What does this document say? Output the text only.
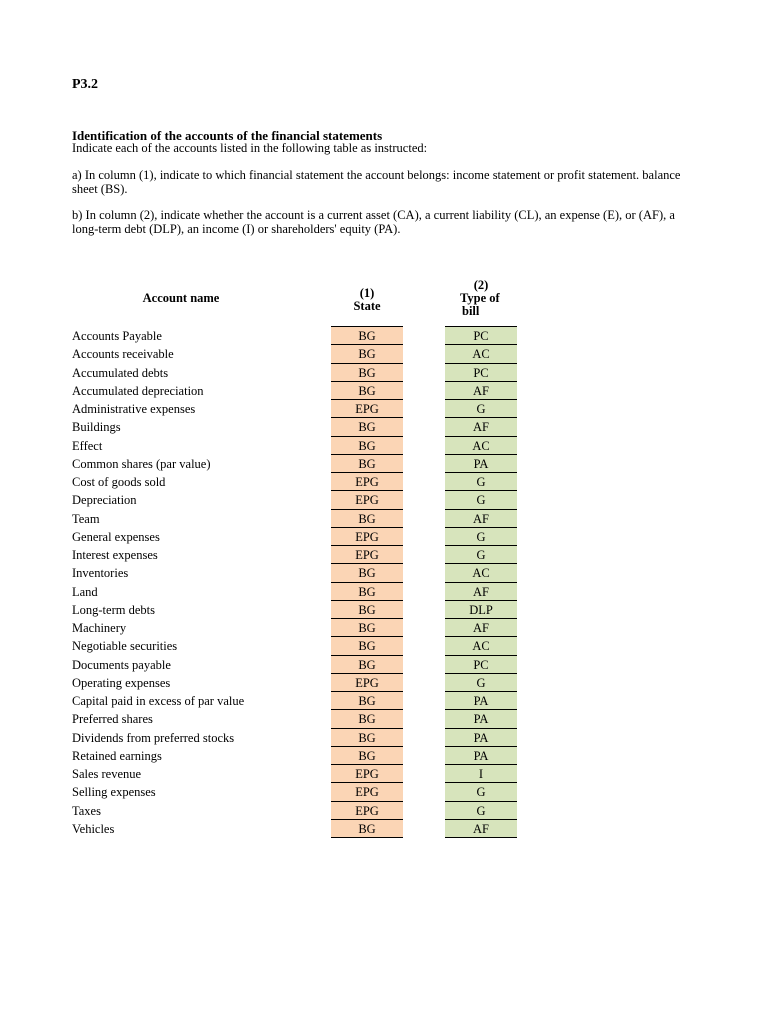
P3.2
Identification of the accounts of the financial statements
Indicate each of the accounts listed in the following table as instructed:
a) In column (1), indicate to which financial statement the account belongs: income statement or profit statement. balance sheet (BS).
b) In column (2), indicate whether the account is a current asset (CA), a current liability (CL), an expense (E), or (AF), a long-term debt (DLP), an income (I) or shareholders' equity (PA).
Account name	(1)
State
(2)
Type of
bill
Accounts Payable	BG	PC
Accounts receivable	BG	AC
Accumulated debts	BG	PC
Accumulated depreciation	BG	AF
Administrative expenses	EPG	G
Buildings	BG	AF
Effect	BG	AC
Common shares (par value)	BG	PA
Cost of goods sold	EPG	G
Depreciation	EPG	G
Team	BG	AF
General expenses	EPG	G
Interest expenses	EPG	G
Inventories	BG	AC
Land	BG	AF
Long-term debts	BG	DLP
Machinery	BG	AF
Negotiable securities	BG	AC
Documents payable	BG	PC
Operating expenses	EPG	G
Capital paid in excess of par value	BG	PA
Preferred shares	BG	PA
Dividends from preferred stocks	BG	PA
Retained earnings	BG	PA
Sales revenue	EPG	I
Selling expenses	EPG	G
Taxes	EPG	G
Vehicles	BG	AF
